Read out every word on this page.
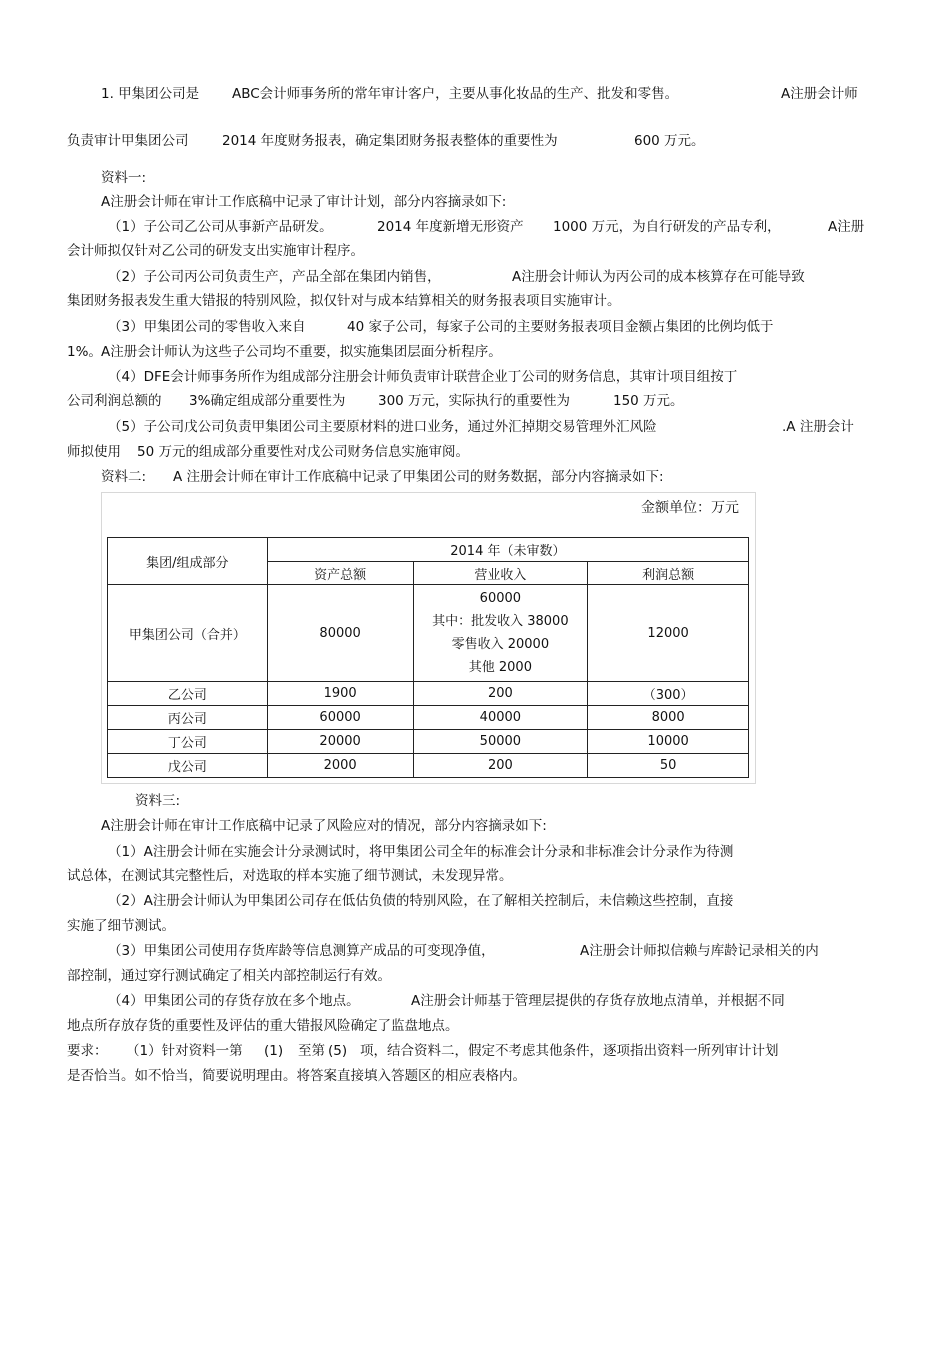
1. 甲集团公司是 ABC会计师事务所的常年审计客户，主要从事化妆品的生产、批发和零售。	A注册会计师
负责审计甲集团公司 2014 年度财务报表，确定集团财务报表整体的重要性为	600 万元。
资料一:
A注册会计师在审计工作底稿中记录了审计计划，部分内容摘录如下:
（1）子公司乙公司从事新产品研发。	2014 年度新增无形资产 1000 万元，为自行研发的产品专利，	A注册
会计师拟仅针对乙公司的研发支出实施审计程序。
（2）子公司丙公司负责生产，产品全部在集团内销售，	A注册会计师认为丙公司的成本核算存在可能导致
集团财务报表发生重大错报的特别风险，拟仅针对与成本结算相关的财务报表项目实施审计。
（3）甲集团公司的零售收入来自	40 家子公司，每家子公司的主要财务报表项目金额占集团的比例均低于
1%。 A注册会计师认为这些子公司均不重要，拟实施集团层面分析程序。
（4）DFE会计师事务所作为组成部分注册会计师负责审计联营企业丁公司的财务信息，其审计项目组按丁
公司利润总额的 3%确定组成部分重要性为 300 万元，实际执行的重要性为	150 万元。
（5）子公司戊公司负责甲集团公司主要原材料的进口业务，通过外汇掉期交易管理外汇风险	.A 注册会计
师拟使用 50 万元的组成部分重要性对戊公司财务信息实施审阅。
资料二: A 注册会计师在审计工作底稿中记录了甲集团公司的财务数据，部分内容摘录如下:
金额单位：万元
集团/组成部分	2014 年（未审数）		
	资产总额	营业收入	利润总额
甲集团公司（合并）	80000	60000
其中：批发收入 38000
零售收入 20000
其他 2000	12000
乙公司	1900	200	（300）
丙公司	60000	40000	8000
丁公司	20000	50000	10000
戊公司	2000	200	50
资料三:
A注册会计师在审计工作底稿中记录了风险应对的情况，部分内容摘录如下:
（1）A注册会计师在实施会计分录测试时，将甲集团公司全年的标准会计分录和非标准会计分录作为待测
试总体，在测试其完整性后，对选取的样本实施了细节测试，未发现异常。
（2）A注册会计师认为甲集团公司存在低估负债的特别风险，在了解相关控制后，未信赖这些控制，直接
实施了细节测试。
（3）甲集团公司使用存货库龄等信息测算产成品的可变现净值，	A注册会计师拟信赖与库龄记录相关的内
部控制，通过穿行测试确定了相关内部控制运行有效。
（4）甲集团公司的存货存放在多个地点。	A注册会计师基于管理层提供的存货存放地点清单，并根据不同
地点所存放存货的重要性及评估的重大错报风险确定了监盘地点。
要求： （1）针对资料一第 (1) 至第 (5) 项，结合资料二，假定不考虑其他条件，逐项指出资料一所列审计计划
是否恰当。如不恰当，简要说明理由。将答案直接填入答题区的相应表格内。
